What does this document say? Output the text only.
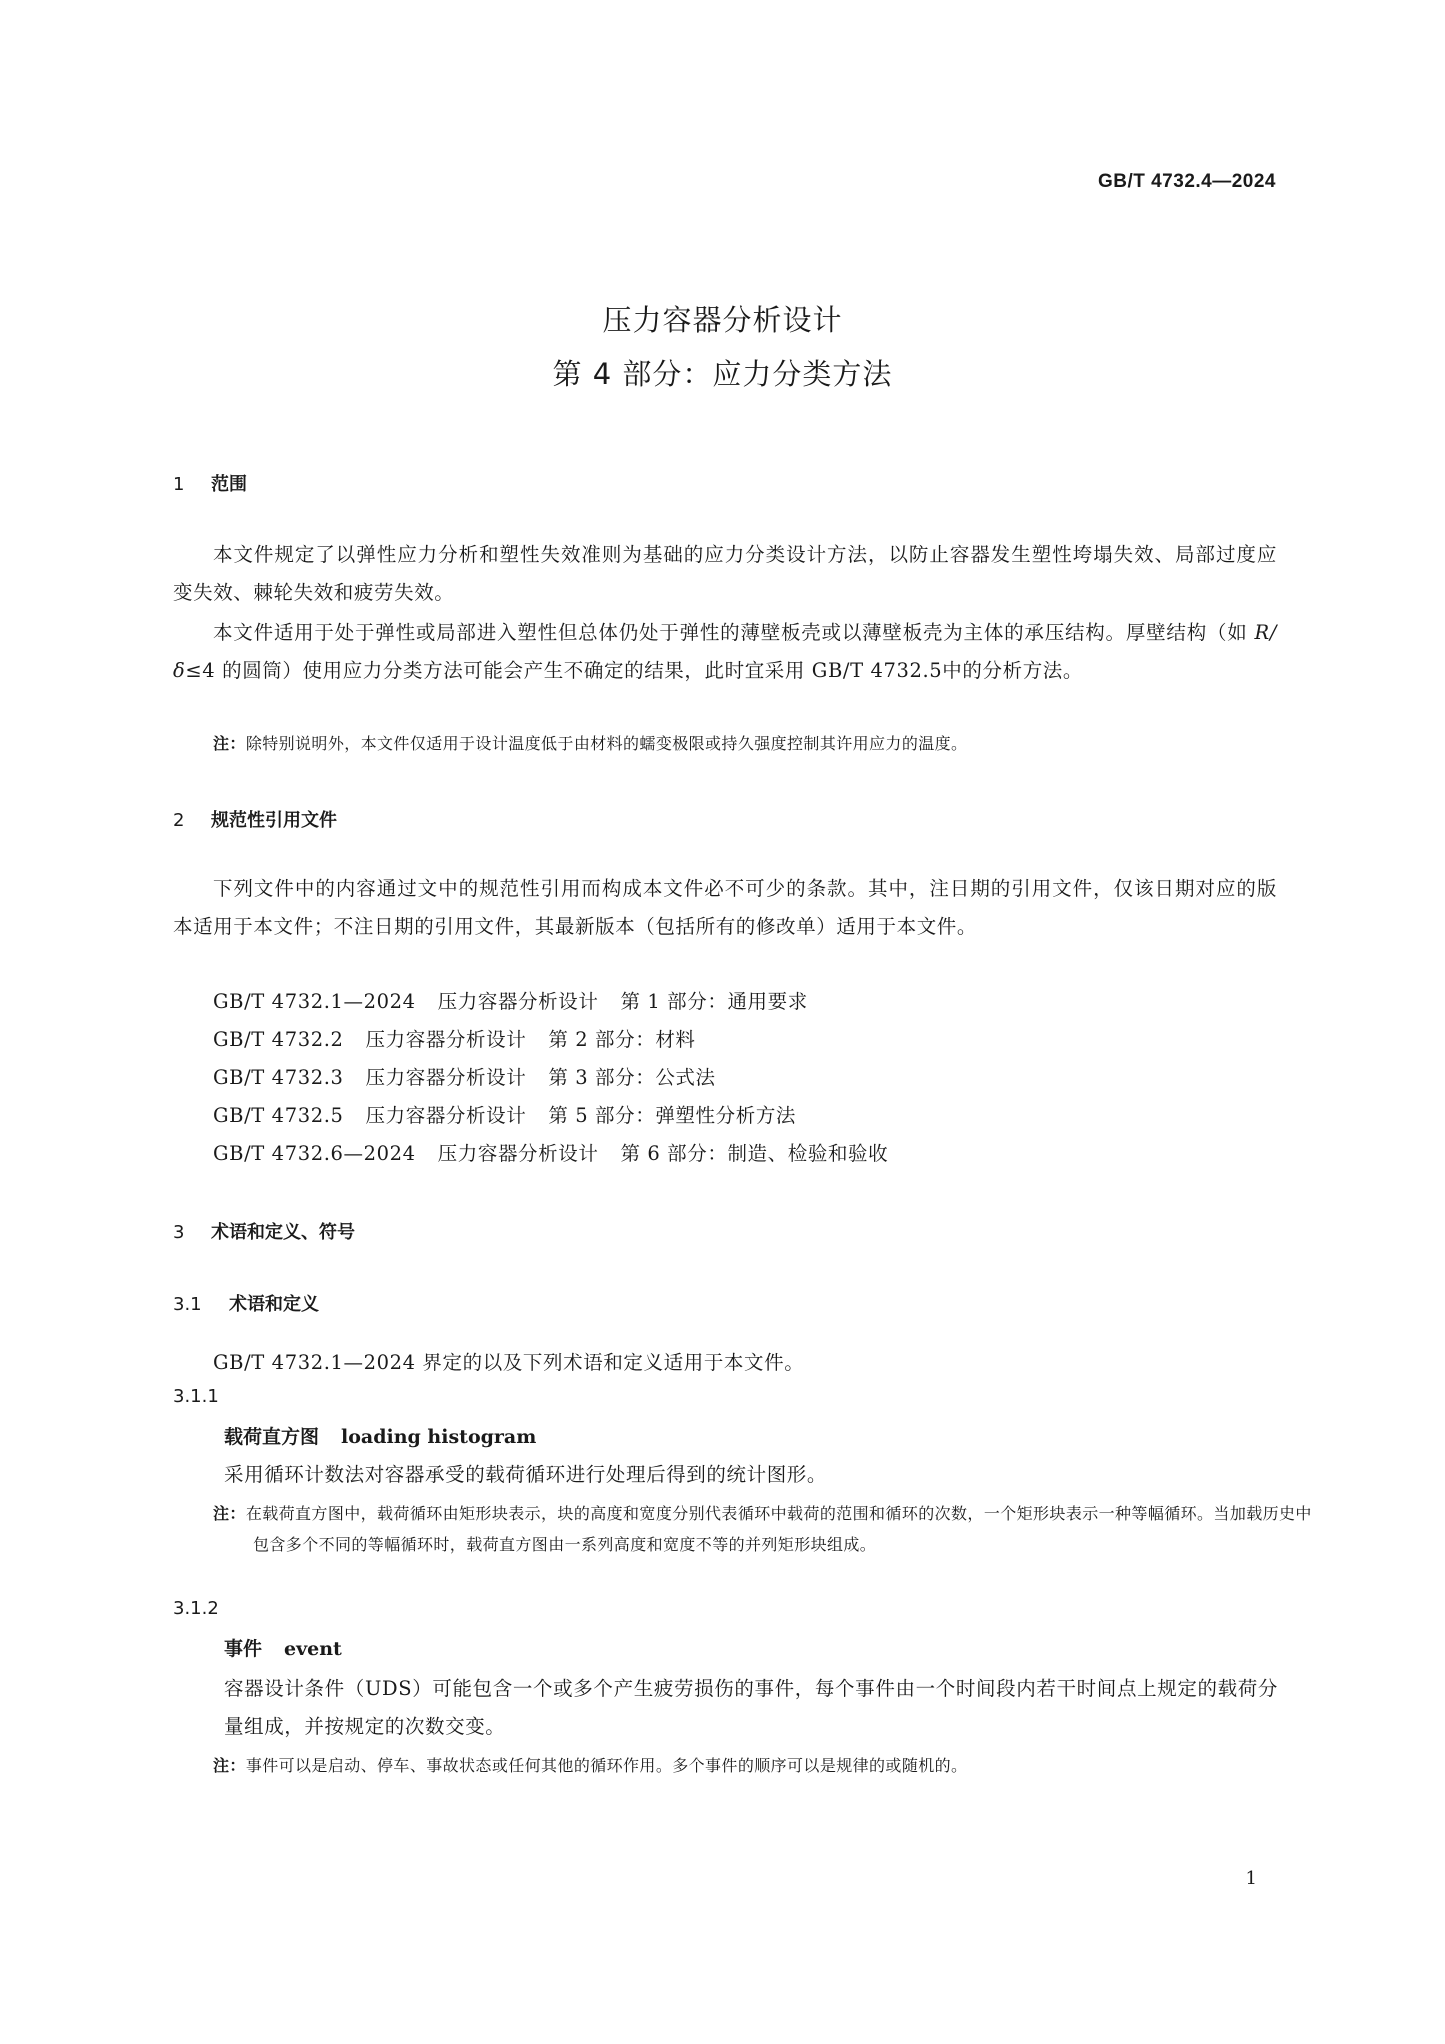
GB/T 4732.4—2024
压力容器分析设计
第 4 部分：应力分类方法
1 范围
本文件规定了以弹性应力分析和塑性失效准则为基础的应力分类设计方法，以防止容器发生塑性垮塌失效、局部过度应变失效、棘轮失效和疲劳失效。
本文件适用于处于弹性或局部进入塑性但总体仍处于弹性的薄壁板壳或以薄壁板壳为主体的承压结构。厚壁结构（如 R/δ≤4 的圆筒）使用应力分类方法可能会产生不确定的结果，此时宜采用 GB/T 4732.5中的分析方法。
注：除特别说明外，本文件仅适用于设计温度低于由材料的蠕变极限或持久强度控制其许用应力的温度。
2 规范性引用文件
下列文件中的内容通过文中的规范性引用而构成本文件必不可少的条款。其中，注日期的引用文件，仅该日期对应的版本适用于本文件；不注日期的引用文件，其最新版本（包括所有的修改单）适用于本文件。
GB/T 4732.1—2024 压力容器分析设计 第 1 部分：通用要求
GB/T 4732.2 压力容器分析设计 第 2 部分：材料
GB/T 4732.3 压力容器分析设计 第 3 部分：公式法
GB/T 4732.5 压力容器分析设计 第 5 部分：弹塑性分析方法
GB/T 4732.6—2024 压力容器分析设计 第 6 部分：制造、检验和验收
3 术语和定义、符号
3.1 术语和定义
GB/T 4732.1—2024 界定的以及下列术语和定义适用于本文件。
3.1.1
载荷直方图 loading histogram
采用循环计数法对容器承受的载荷循环进行处理后得到的统计图形。
注：在载荷直方图中，载荷循环由矩形块表示，块的高度和宽度分别代表循环中载荷的范围和循环的次数，一个矩形块表示一种等幅循环。当加载历史中包含多个不同的等幅循环时，载荷直方图由一系列高度和宽度不等的并列矩形块组成。
3.1.2
事件 event
容器设计条件（UDS）可能包含一个或多个产生疲劳损伤的事件，每个事件由一个时间段内若干时间点上规定的载荷分量组成，并按规定的次数交变。
注：事件可以是启动、停车、事故状态或任何其他的循环作用。多个事件的顺序可以是规律的或随机的。
1
